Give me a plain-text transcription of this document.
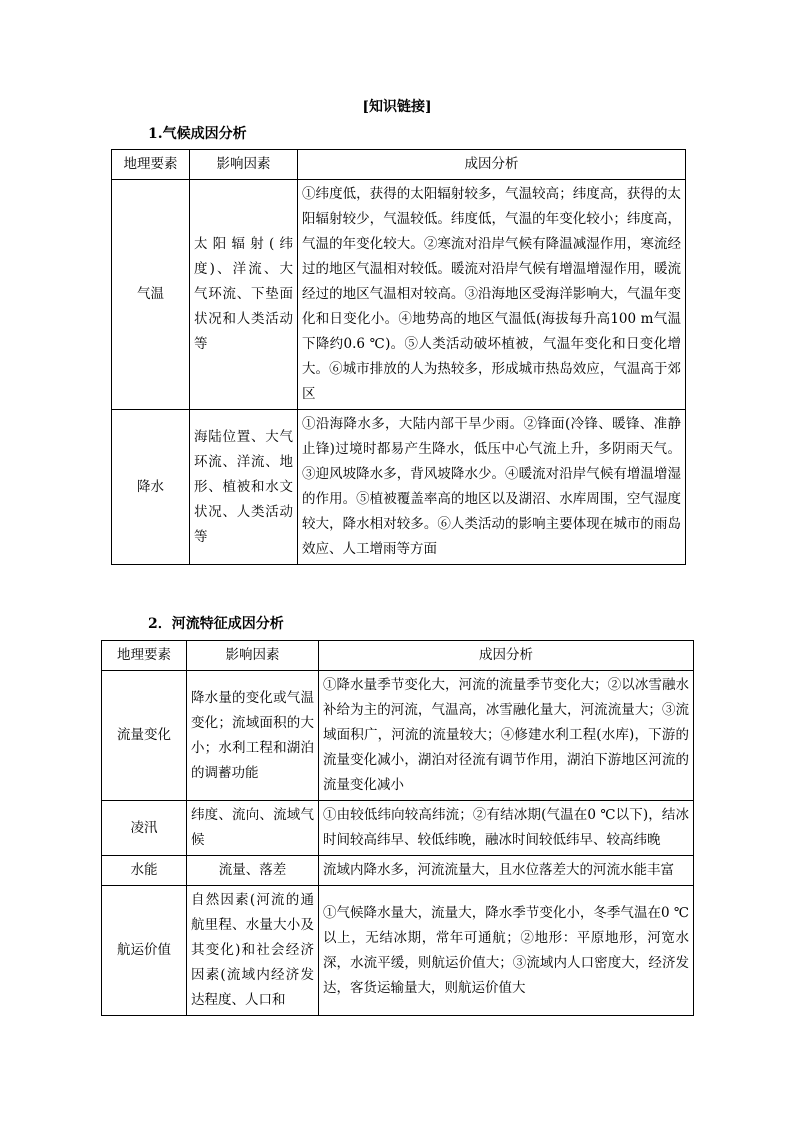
[知识链接]
1.气候成因分析
地理要素	影响因素	成因分析
气温	太阳辐射(纬度)、洋流、大气环流、下垫面状况和人类活动等	①纬度低，获得的太阳辐射较多，气温较高；纬度高，获得的太阳辐射较少，气温较低。纬度低，气温的年变化较小；纬度高，气温的年变化较大。②寒流对沿岸气候有降温减湿作用，寒流经过的地区气温相对较低。暖流对沿岸气候有增温增湿作用，暖流经过的地区气温相对较高。③沿海地区受海洋影响大，气温年变化和日变化小。④地势高的地区气温低(海拔每升高100 m气温下降约0.6 ℃)。⑤人类活动破坏植被，气温年变化和日变化增大。⑥城市排放的人为热较多，形成城市热岛效应，气温高于郊区
降水	海陆位置、大气环流、洋流、地形、植被和水文状况、人类活动等	①沿海降水多，大陆内部干旱少雨。②锋面(冷锋、暖锋、准静止锋)过境时都易产生降水，低压中心气流上升，多阴雨天气。③迎风坡降水多，背风坡降水少。④暖流对沿岸气候有增温增湿的作用。⑤植被覆盖率高的地区以及湖沼、水库周围，空气湿度较大，降水相对较多。⑥人类活动的影响主要体现在城市的雨岛效应、人工增雨等方面
2．河流特征成因分析
地理要素	影响因素	成因分析
流量变化	降水量的变化或气温变化；流域面积的大小；水利工程和湖泊的调蓄功能	①降水量季节变化大，河流的流量季节变化大；②以冰雪融水补给为主的河流，气温高，冰雪融化量大，河流流量大；③流域面积广，河流的流量较大；④修建水利工程(水库)，下游的流量变化减小，湖泊对径流有调节作用，湖泊下游地区河流的流量变化减小
凌汛	纬度、流向、流域气候	①由较低纬向较高纬流；②有结冰期(气温在0 ℃以下)，结冰时间较高纬早、较低纬晚，融冰时间较低纬早、较高纬晚
水能	流量、落差	流域内降水多，河流流量大，且水位落差大的河流水能丰富
航运价值	自然因素(河流的通航里程、水量大小及其变化)和社会经济因素(流域内经济发达程度、人口和	①气候降水量大，流量大，降水季节变化小，冬季气温在0 ℃以上，无结冰期，常年可通航；②地形：平原地形，河宽水深，水流平缓，则航运价值大；③流域内人口密度大，经济发达，客货运输量大，则航运价值大
